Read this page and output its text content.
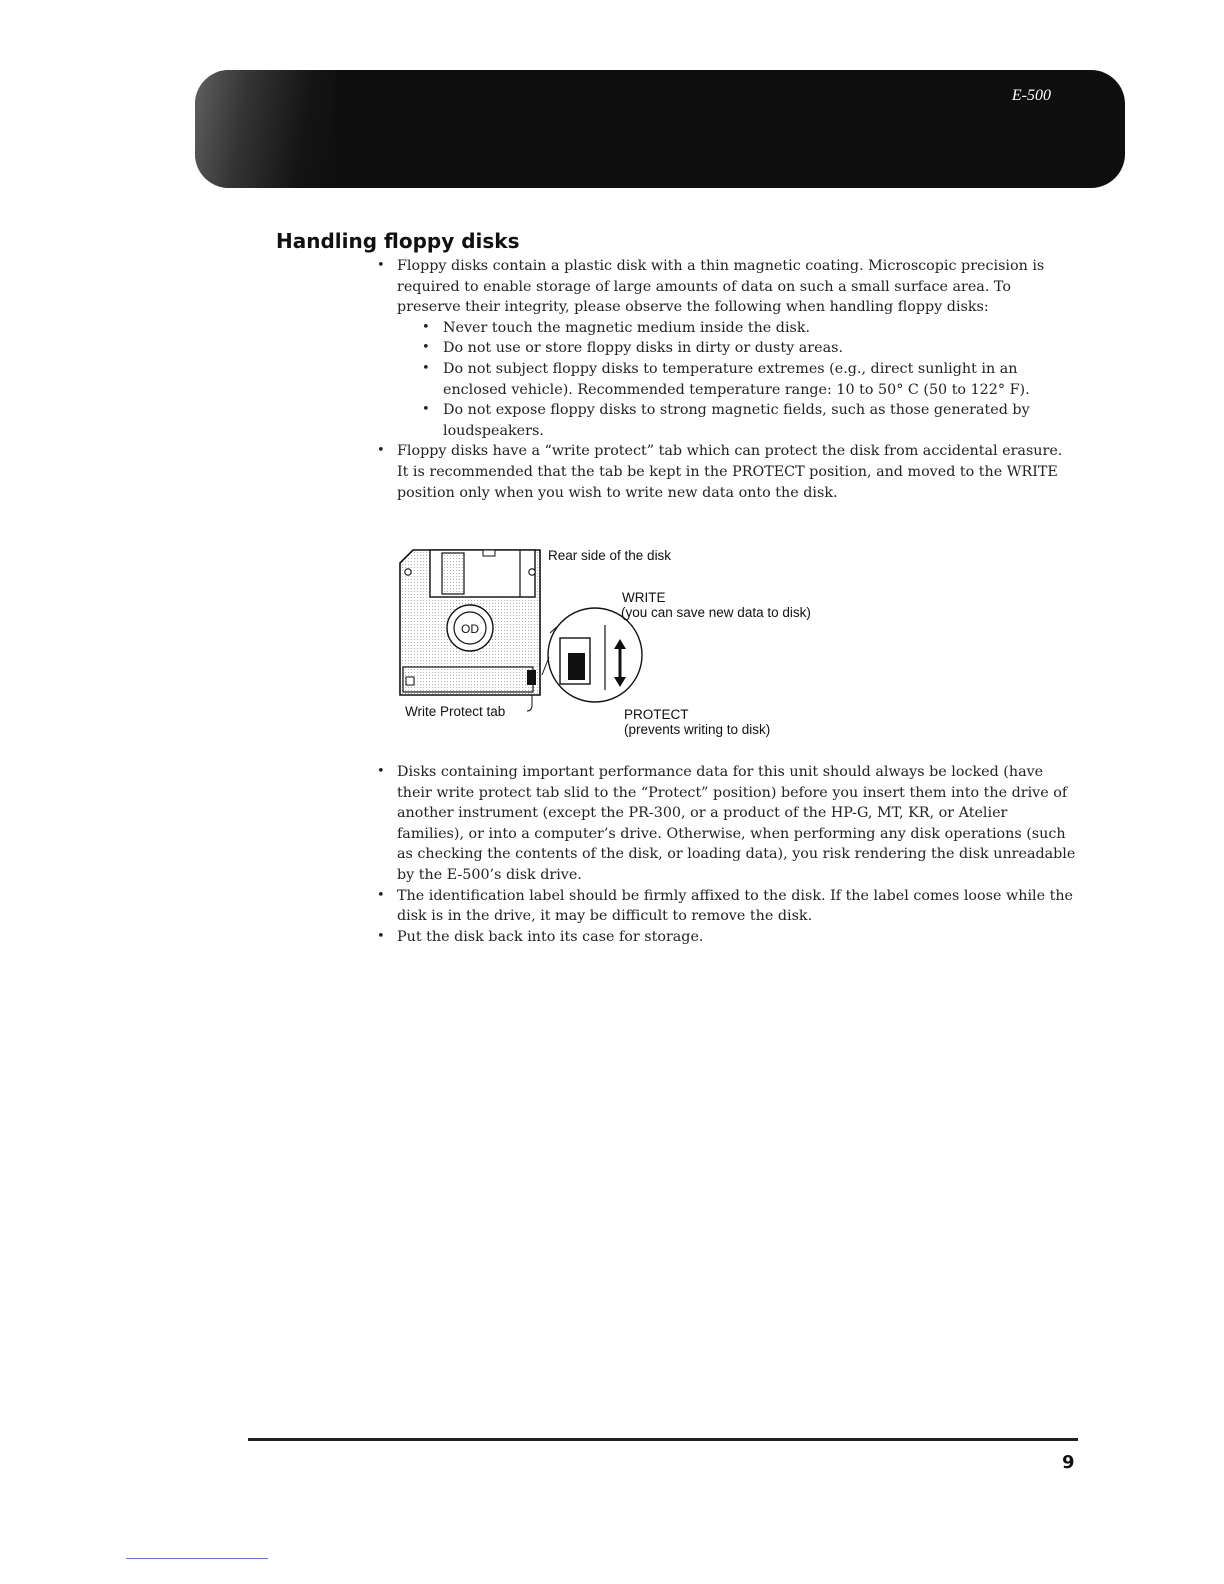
E-500
Handling floppy disks
• Floppy disks contain a plastic disk with a thin magnetic coating. Microscopic precision is required to enable storage of large amounts of data on such a small surface area. To preserve their integrity, please observe the following when handling floppy disks:
• Never touch the magnetic medium inside the disk.
• Do not use or store floppy disks in dirty or dusty areas.
• Do not subject floppy disks to temperature extremes (e.g., direct sunlight in an enclosed vehicle). Recommended temperature range: 10 to 50° C (50 to 122° F).
• Do not expose floppy disks to strong magnetic fields, such as those generated by loudspeakers.
• Floppy disks have a “write protect” tab which can protect the disk from accidental erasure. It is recommended that the tab be kept in the PROTECT position, and moved to the WRITE position only when you wish to write new data onto the disk.
OD

Rear side of the disk

WRITE

(you can save new data to disk)

Write Protect tab	PROTECT

(prevents writing to disk)

• Disks containing important performance data for this unit should always be locked (have their write protect tab slid to the “Protect” position) before you insert them into the drive of another instrument (except the PR-300, or a product of the HP-G, MT, KR, or Atelier families), or into a computer’s drive. Otherwise, when performing any disk operations (such as checking the contents of the disk, or loading data), you risk rendering the disk unreadable by the E-500’s disk drive.
• The identification label should be firmly affixed to the disk. If the label comes loose while the disk is in the drive, it may be difficult to remove the disk.
• Put the disk back into its case for storage.
9
